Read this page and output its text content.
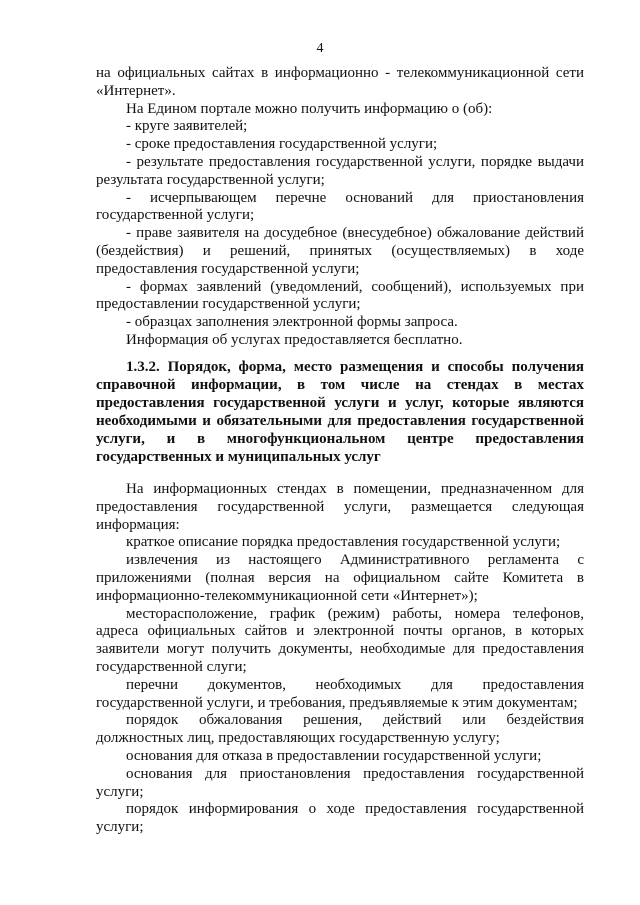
4

на официальных сайтах в информационно - телекоммуникационной сети «Интернет».

На Едином портале можно получить информацию о (об):

- круге заявителей;

- сроке предоставления государственной услуги;

- результате предоставления государственной услуги, порядке выдачи результата государственной услуги;

- исчерпывающем перечне оснований для приостановления государственной услуги;

- праве заявителя на досудебное (внесудебное) обжалование действий (бездействия) и решений, принятых (осуществляемых) в ходе предоставления государственной услуги;

- формах заявлений (уведомлений, сообщений), используемых при предоставлении государственной услуги;

- образцах заполнения электронной формы запроса.

Информация об услугах предоставляется бесплатно.

1.3.2. Порядок, форма, место размещения и способы получения справочной информации, в том числе на стендах в местах предоставления государственной услуги и услуг, которые являются необходимыми и обязательными для предоставления государственной услуги, и в многофункциональном центре предоставления государственных и муниципальных услуг

На информационных стендах в помещении, предназначенном для предоставления государственной услуги, размещается следующая информация:

краткое описание порядка предоставления государственной услуги;

извлечения из настоящего Административного регламента с приложениями (полная версия на официальном сайте Комитета в информационно-телекоммуникационной сети «Интернет»);

месторасположение, график (режим) работы, номера телефонов, адреса официальных сайтов и электронной почты органов, в которых заявители могут получить документы, необходимые для предоставления государственной слуги;

перечни документов, необходимых для предоставления государственной услуги, и требования, предъявляемые к этим документам;

порядок обжалования решения, действий или бездействия должностных лиц, предоставляющих государственную услугу;

основания для отказа в предоставлении государственной услуги;

основания для приостановления предоставления государственной услуги;

порядок информирования о ходе предоставления государственной услуги;
